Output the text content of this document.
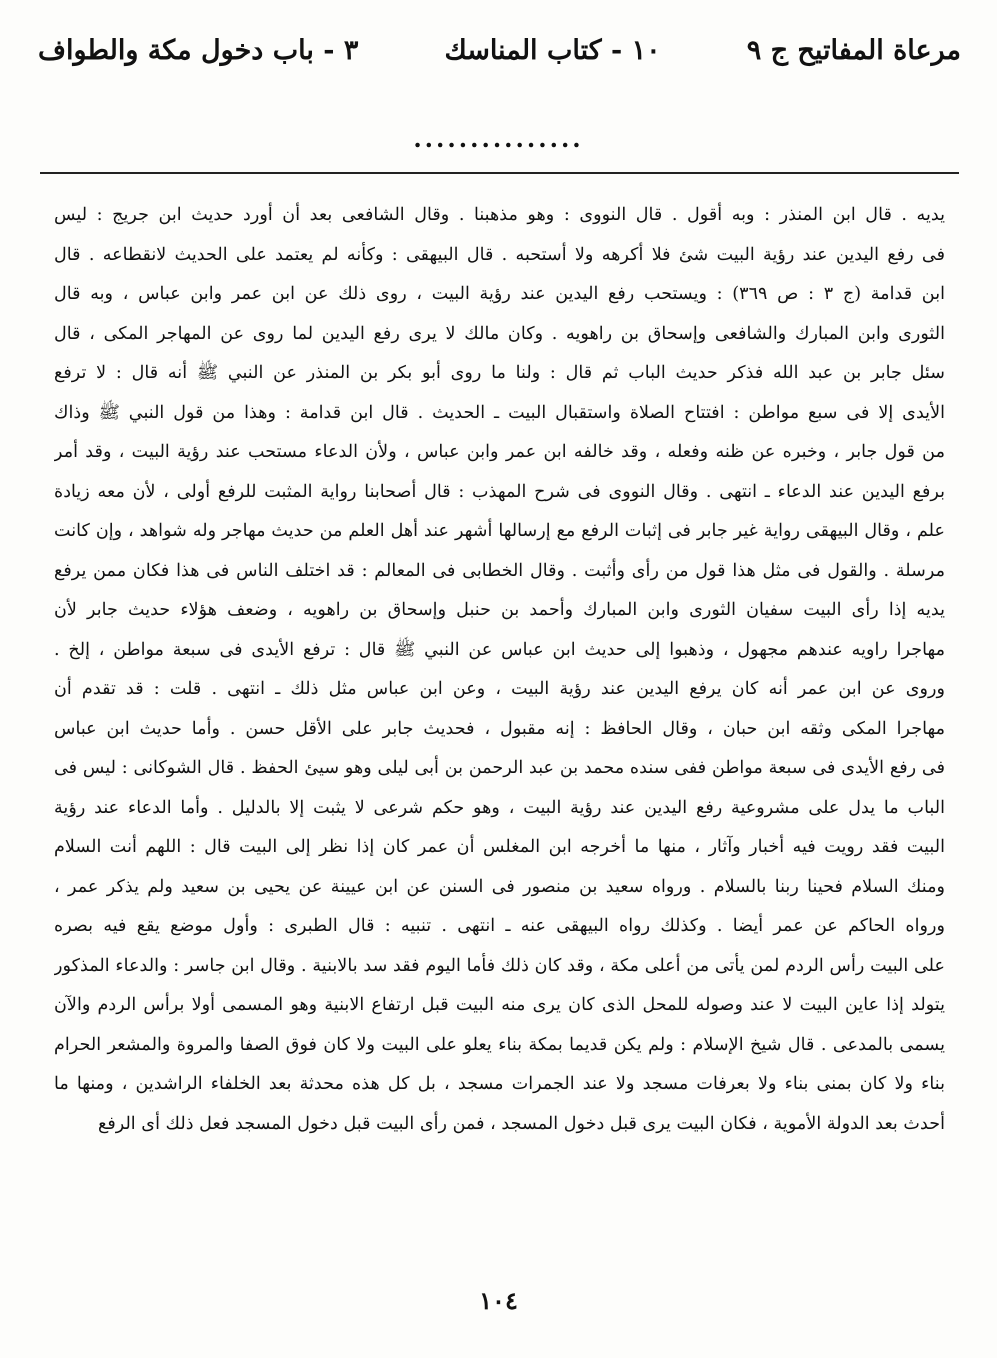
مرعاة المفاتيح ج ٩
١٠ - كتاب المناسك
٣ - باب دخول مكة والطواف
...............
يديه . قال ابن المنذر : وبه أقول . قال النووى : وهو مذهبنا . وقال الشافعى بعد أن أورد حديث ابن جريج : ليس
فى رفع اليدين عند رؤية البيت شئ فلا أكرهه ولا أستحبه . قال البيهقى : وكأنه لم يعتمد على الحديث لانقطاعه . قال
ابن قدامة (ج ٣ : ص ٣٦٩) : ويستحب رفع اليدين عند رؤية البيت ، روى ذلك عن ابن عمر وابن عباس ، وبه قال
الثورى وابن المبارك والشافعى وإسحاق بن راهويه . وكان مالك لا يرى رفع اليدين لما روى عن المهاجر المكى ، قال
سئل جابر بن عبد الله فذكر حديث الباب ثم قال : ولنا ما روى أبو بكر بن المنذر عن النبي ﷺ أنه قال : لا ترفع
الأيدى إلا فى سبع مواطن : افتتاح الصلاة واستقبال البيت ـ الحديث . قال ابن قدامة : وهذا من قول النبي ﷺ وذاك
من قول جابر ، وخبره عن ظنه وفعله ، وقد خالفه ابن عمر وابن عباس ، ولأن الدعاء مستحب عند رؤية البيت ، وقد أمر
برفع اليدين عند الدعاء ـ انتهى . وقال النووى فى شرح المهذب : قال أصحابنا رواية المثبت للرفع أولى ، لأن معه زيادة
علم ، وقال البيهقى رواية غير جابر فى إثبات الرفع مع إرسالها أشهر عند أهل العلم من حديث مهاجر وله شواهد ، وإن كانت
مرسلة . والقول فى مثل هذا قول من رأى وأثبت . وقال الخطابى فى المعالم : قد اختلف الناس فى هذا فكان ممن يرفع
يديه إذا رأى البيت سفيان الثورى وابن المبارك وأحمد بن حنبل وإسحاق بن راهويه ، وضعف هؤلاء حديث جابر لأن
مهاجرا راويه عندهم مجهول ، وذهبوا إلى حديث ابن عباس عن النبي ﷺ قال : ترفع الأيدى فى سبعة مواطن ، إلخ .
وروى عن ابن عمر أنه كان يرفع اليدين عند رؤية البيت ، وعن ابن عباس مثل ذلك ـ انتهى . قلت : قد تقدم أن
مهاجرا المكى وثقه ابن حبان ، وقال الحافظ : إنه مقبول ، فحديث جابر على الأقل حسن . وأما حديث ابن عباس
فى رفع الأيدى فى سبعة مواطن ففى سنده محمد بن عبد الرحمن بن أبى ليلى وهو سيئ الحفظ . قال الشوكانى : ليس فى
الباب ما يدل على مشروعية رفع اليدين عند رؤية البيت ، وهو حكم شرعى لا يثبت إلا بالدليل . وأما الدعاء عند رؤية
البيت فقد رويت فيه أخبار وآثار ، منها ما أخرجه ابن المغلس أن عمر كان إذا نظر إلى البيت قال : اللهم أنت السلام
ومنك السلام فحينا ربنا بالسلام . ورواه سعيد بن منصور فى السنن عن ابن عيينة عن يحيى بن سعيد ولم يذكر عمر ،
ورواه الحاكم عن عمر أيضا . وكذلك رواه البيهقى عنه ـ انتهى . تنبيه : قال الطبرى : وأول موضع يقع فيه بصره
على البيت رأس الردم لمن يأتى من أعلى مكة ، وقد كان ذلك فأما اليوم فقد سد بالابنية . وقال ابن جاسر : والدعاء المذكور
يتولد إذا عاين البيت لا عند وصوله للمحل الذى كان يرى منه البيت قبل ارتفاع الابنية وهو المسمى أولا برأس الردم والآن
يسمى بالمدعى . قال شيخ الإسلام : ولم يكن قديما بمكة بناء يعلو على البيت ولا كان فوق الصفا والمروة والمشعر الحرام
بناء ولا كان بمنى بناء ولا بعرفات مسجد ولا عند الجمرات مسجد ، بل كل هذه محدثة بعد الخلفاء الراشدين ، ومنها ما
أحدث بعد الدولة الأموية ، فكان البيت يرى قبل دخول المسجد ، فمن رأى البيت قبل دخول المسجد فعل ذلك أى الرفع
١٠٤
